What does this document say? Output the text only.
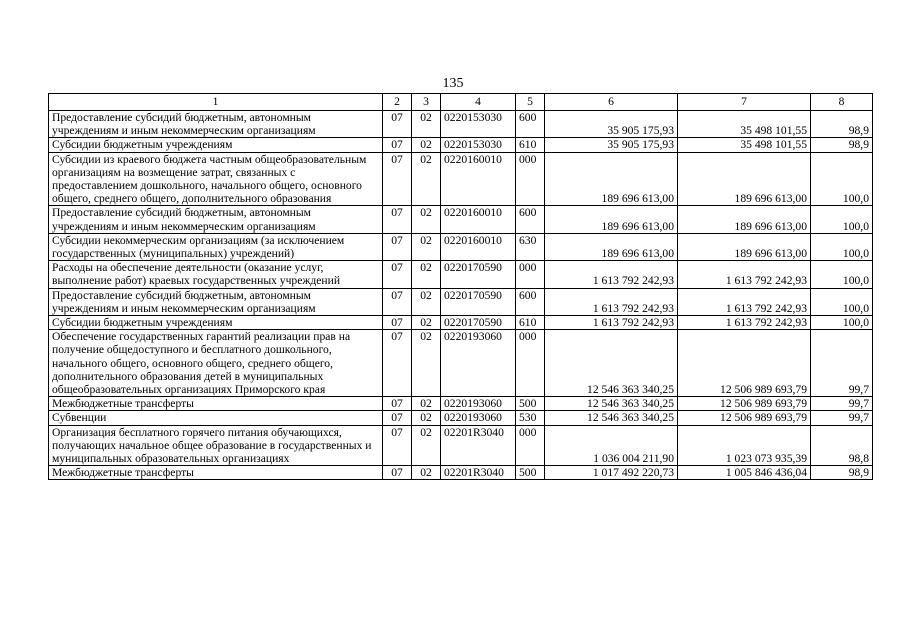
135
1	2	3	4	5	6	7	8
Предоставление субсидий бюджетным, автономным учреждениям и иным некоммерческим организациям	07	02	0220153030	600	35 905 175,93	35 498 101,55	98,9
Субсидии бюджетным учреждениям	07	02	0220153030	610	35 905 175,93	35 498 101,55	98,9
Субсидии из краевого бюджета частным общеобразовательным организациям на возмещение затрат, связанных с предоставлением дошкольного, начального общего, основного общего, среднего общего, дополнительного образования	07	02	0220160010	000	189 696 613,00	189 696 613,00	100,0
Предоставление субсидий бюджетным, автономным учреждениям и иным некоммерческим организациям	07	02	0220160010	600	189 696 613,00	189 696 613,00	100,0
Субсидии некоммерческим организациям (за исключением государственных (муниципальных) учреждений)	07	02	0220160010	630	189 696 613,00	189 696 613,00	100,0
Расходы на обеспечение деятельности (оказание услуг, выполнение работ) краевых государственных учреждений	07	02	0220170590	000	1 613 792 242,93	1 613 792 242,93	100,0
Предоставление субсидий бюджетным, автономным учреждениям и иным некоммерческим организациям	07	02	0220170590	600	1 613 792 242,93	1 613 792 242,93	100,0
Субсидии бюджетным учреждениям	07	02	0220170590	610	1 613 792 242,93	1 613 792 242,93	100,0
Обеспечение государственных гарантий реализации прав на получение общедоступного и бесплатного дошкольного, начального общего, основного общего, среднего общего, дополнительного образования детей в муниципальных общеобразовательных организациях Приморского края	07	02	0220193060	000	12 546 363 340,25	12 506 989 693,79	99,7
Межбюджетные трансферты	07	02	0220193060	500	12 546 363 340,25	12 506 989 693,79	99,7
Субвенции	07	02	0220193060	530	12 546 363 340,25	12 506 989 693,79	99,7
Организация бесплатного горячего питания обучающихся, получающих начальное общее образование в государственных и муниципальных образовательных организациях	07	02	02201R3040	000	1 036 004 211,90	1 023 073 935,39	98,8
Межбюджетные трансферты	07	02	02201R3040	500	1 017 492 220,73	1 005 846 436,04	98,9
